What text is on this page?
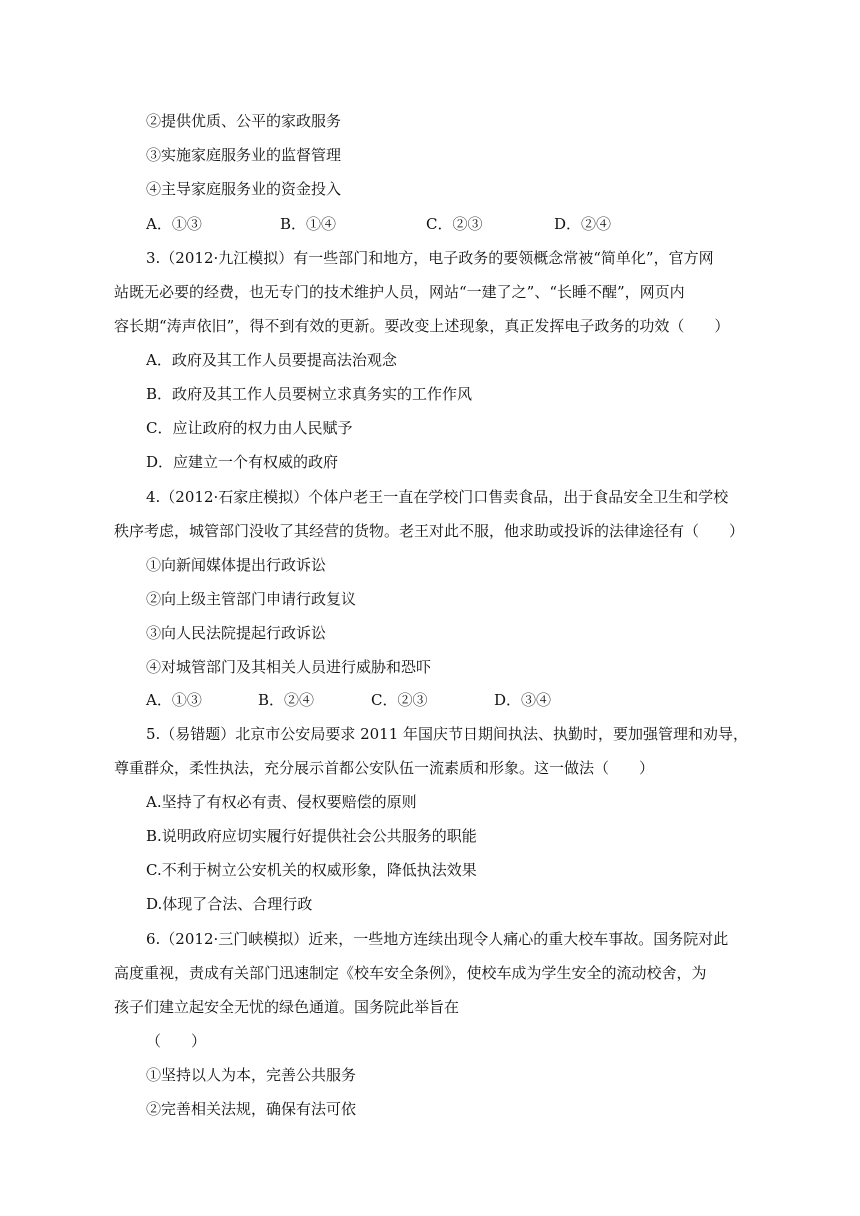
②提供优质、公平的家政服务
③实施家庭服务业的监督管理
④主导家庭服务业的资金投入
A．①③	B．①④	C．②③	D．②④
3.（2012·九江模拟）有一些部门和地方，电子政务的要领概念常被“简单化”，官方网
站既无必要的经费，也无专门的技术维护人员，网站“一建了之”、“长睡不醒”，网页内
容长期“涛声依旧”，得不到有效的更新。要改变上述现象，真正发挥电子政务的功效（　　）
A．政府及其工作人员要提高法治观念
B．政府及其工作人员要树立求真务实的工作作风
C．应让政府的权力由人民赋予
D．应建立一个有权威的政府
4.（2012·石家庄模拟）个体户老王一直在学校门口售卖食品，出于食品安全卫生和学校
秩序考虑，城管部门没收了其经营的货物。老王对此不服，他求助或投诉的法律途径有（　　）
①向新闻媒体提出行政诉讼
②向上级主管部门申请行政复议
③向人民法院提起行政诉讼
④对城管部门及其相关人员进行威胁和恐吓
A．①③	B．②④	C．②③	D．③④
5.（易错题）北京市公安局要求 2011 年国庆节日期间执法、执勤时，要加强管理和劝导，
尊重群众，柔性执法，充分展示首都公安队伍一流素质和形象。这一做法（　　）
A.坚持了有权必有责、侵权要赔偿的原则
B.说明政府应切实履行好提供社会公共服务的职能
C.不利于树立公安机关的权威形象，降低执法效果
D.体现了合法、合理行政
6.（2012·三门峡模拟）近来，一些地方连续出现令人痛心的重大校车事故。国务院对此
高度重视，责成有关部门迅速制定《校车安全条例》，使校车成为学生安全的流动校舍，为
孩子们建立起安全无忧的绿色通道。国务院此举旨在
（　　）
①坚持以人为本，完善公共服务
②完善相关法规，确保有法可依
